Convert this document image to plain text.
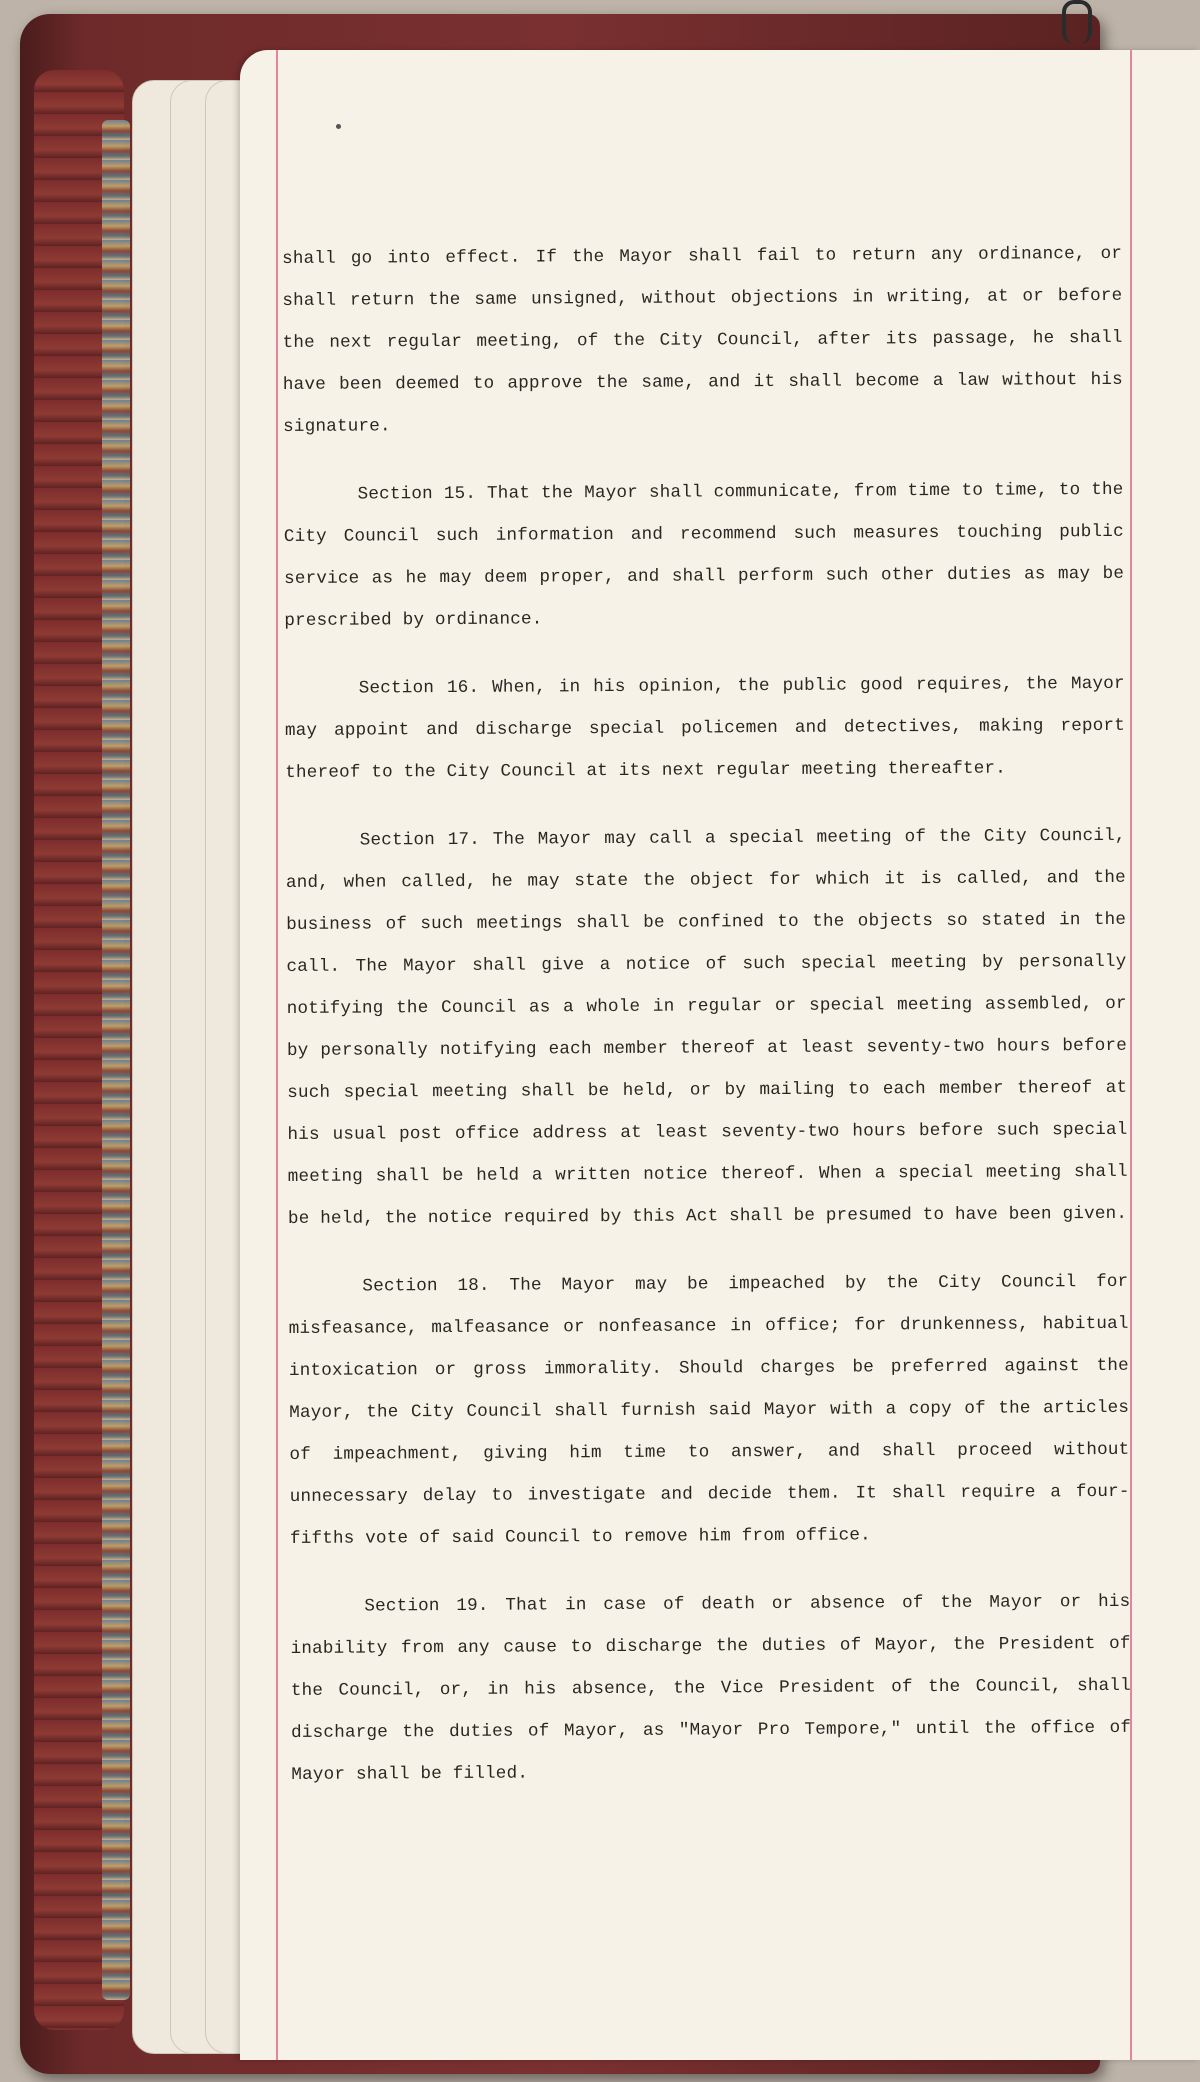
shall go into effect. If the Mayor shall fail to return any ordinance, or shall return the same unsigned, without objections in writing, at or before the next regular meeting, of the City Council, after its passage, he shall have been deemed to approve the same, and it shall become a law without his signature.

Section 15. That the Mayor shall communicate, from time to time, to the City Council such information and recommend such measures touching public service as he may deem proper, and shall perform such other duties as may be prescribed by ordinance.

Section 16. When, in his opinion, the public good requires, the Mayor may appoint and discharge special policemen and detectives, making report thereof to the City Council at its next regular meeting thereafter.

Section 17. The Mayor may call a special meeting of the City Council, and, when called, he may state the object for which it is called, and the business of such meetings shall be confined to the objects so stated in the call. The Mayor shall give a notice of such special meeting by personally notifying the Council as a whole in regular or special meeting assembled, or by personally notifying each member thereof at least seventy-two hours before such special meeting shall be held, or by mailing to each member thereof at his usual post office address at least seventy-two hours before such special meeting shall be held a written notice thereof. When a special meeting shall be held, the notice required by this Act shall be presumed to have been given.

Section 18. The Mayor may be impeached by the City Council for misfeasance, malfeasance or nonfeasance in office; for drunkenness, habitual intoxication or gross immorality. Should charges be preferred against the Mayor, the City Council shall furnish said Mayor with a copy of the articles of impeachment, giving him time to answer, and shall proceed without unnecessary delay to investigate and decide them. It shall require a four-fifths vote of said Council to remove him from office.

Section 19. That in case of death or absence of the Mayor or his inability from any cause to discharge the duties of Mayor, the President of the Council, or, in his absence, the Vice President of the Council, shall discharge the duties of Mayor, as "Mayor Pro Tempore," until the office of Mayor shall be filled.
